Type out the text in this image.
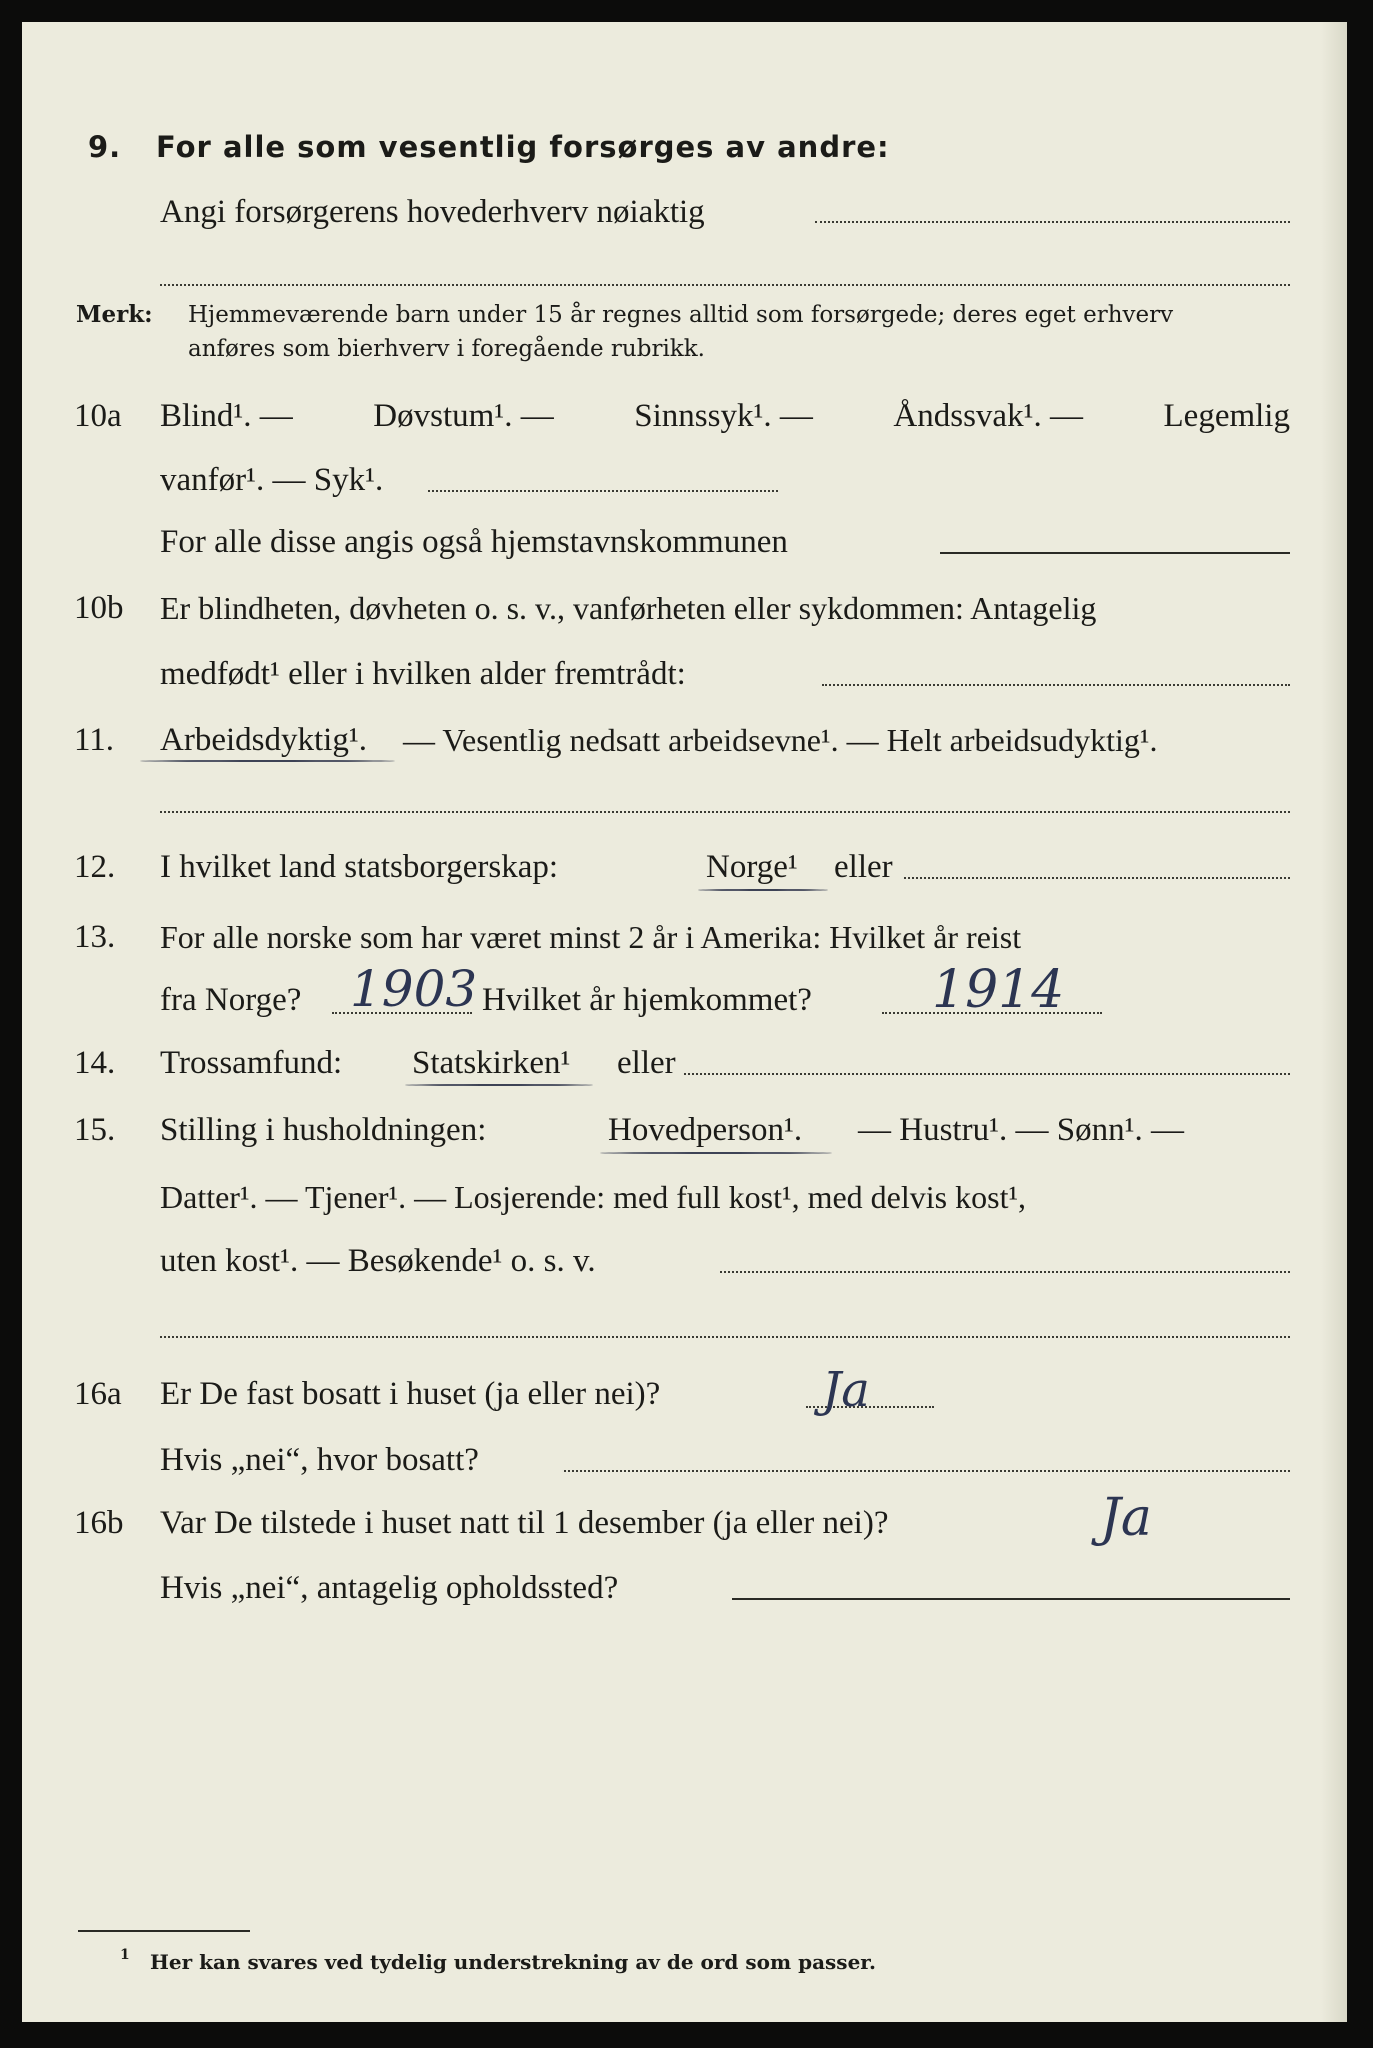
9. For alle som vesentlig forsørges av andre:
Angi forsørgerens hovederhverv nøiaktig
Merk: Hjemmeværende barn under 15 år regnes alltid som forsørgede; deres eget erhverv
anføres som bierhverv i foregående rubrikk.
10a Blind¹. — Døvstum¹. — Sinnssyk¹. — Åndssvak¹. — Legemlig
vanfør¹. — Syk¹.
For alle disse angis også hjemstavnskommunen
10b Er blindheten, døvheten o. s. v., vanførheten eller sykdommen: Antagelig
medfødt¹ eller i hvilken alder fremtrådt:
11. Arbeidsdyktig¹. — Vesentlig nedsatt arbeidsevne¹. — Helt arbeidsudyktig¹.
12. I hvilket land statsborgerskap:	Norge¹ eller
13. For alle norske som har været minst 2 år i Amerika: Hvilket år reist
fra Norge? 1903 Hvilket år hjemkommet? 1914
14. Trossamfund: Statskirken¹ eller
15. Stilling i husholdningen:	Hovedperson¹. — Hustru¹. — Sønn¹. —
Datter¹. — Tjener¹. — Losjerende: med full kost¹, med delvis kost¹,
uten kost¹. — Besøkende¹ o. s. v.
16a Er De fast bosatt i huset (ja eller nei)?	Ja
Hvis „nei“, hvor bosatt?
16b Var De tilstede i huset natt til 1 desember (ja eller nei)?	Ja
Hvis „nei“, antagelig opholdssted?
1 Her kan svares ved tydelig understrekning av de ord som passer.
